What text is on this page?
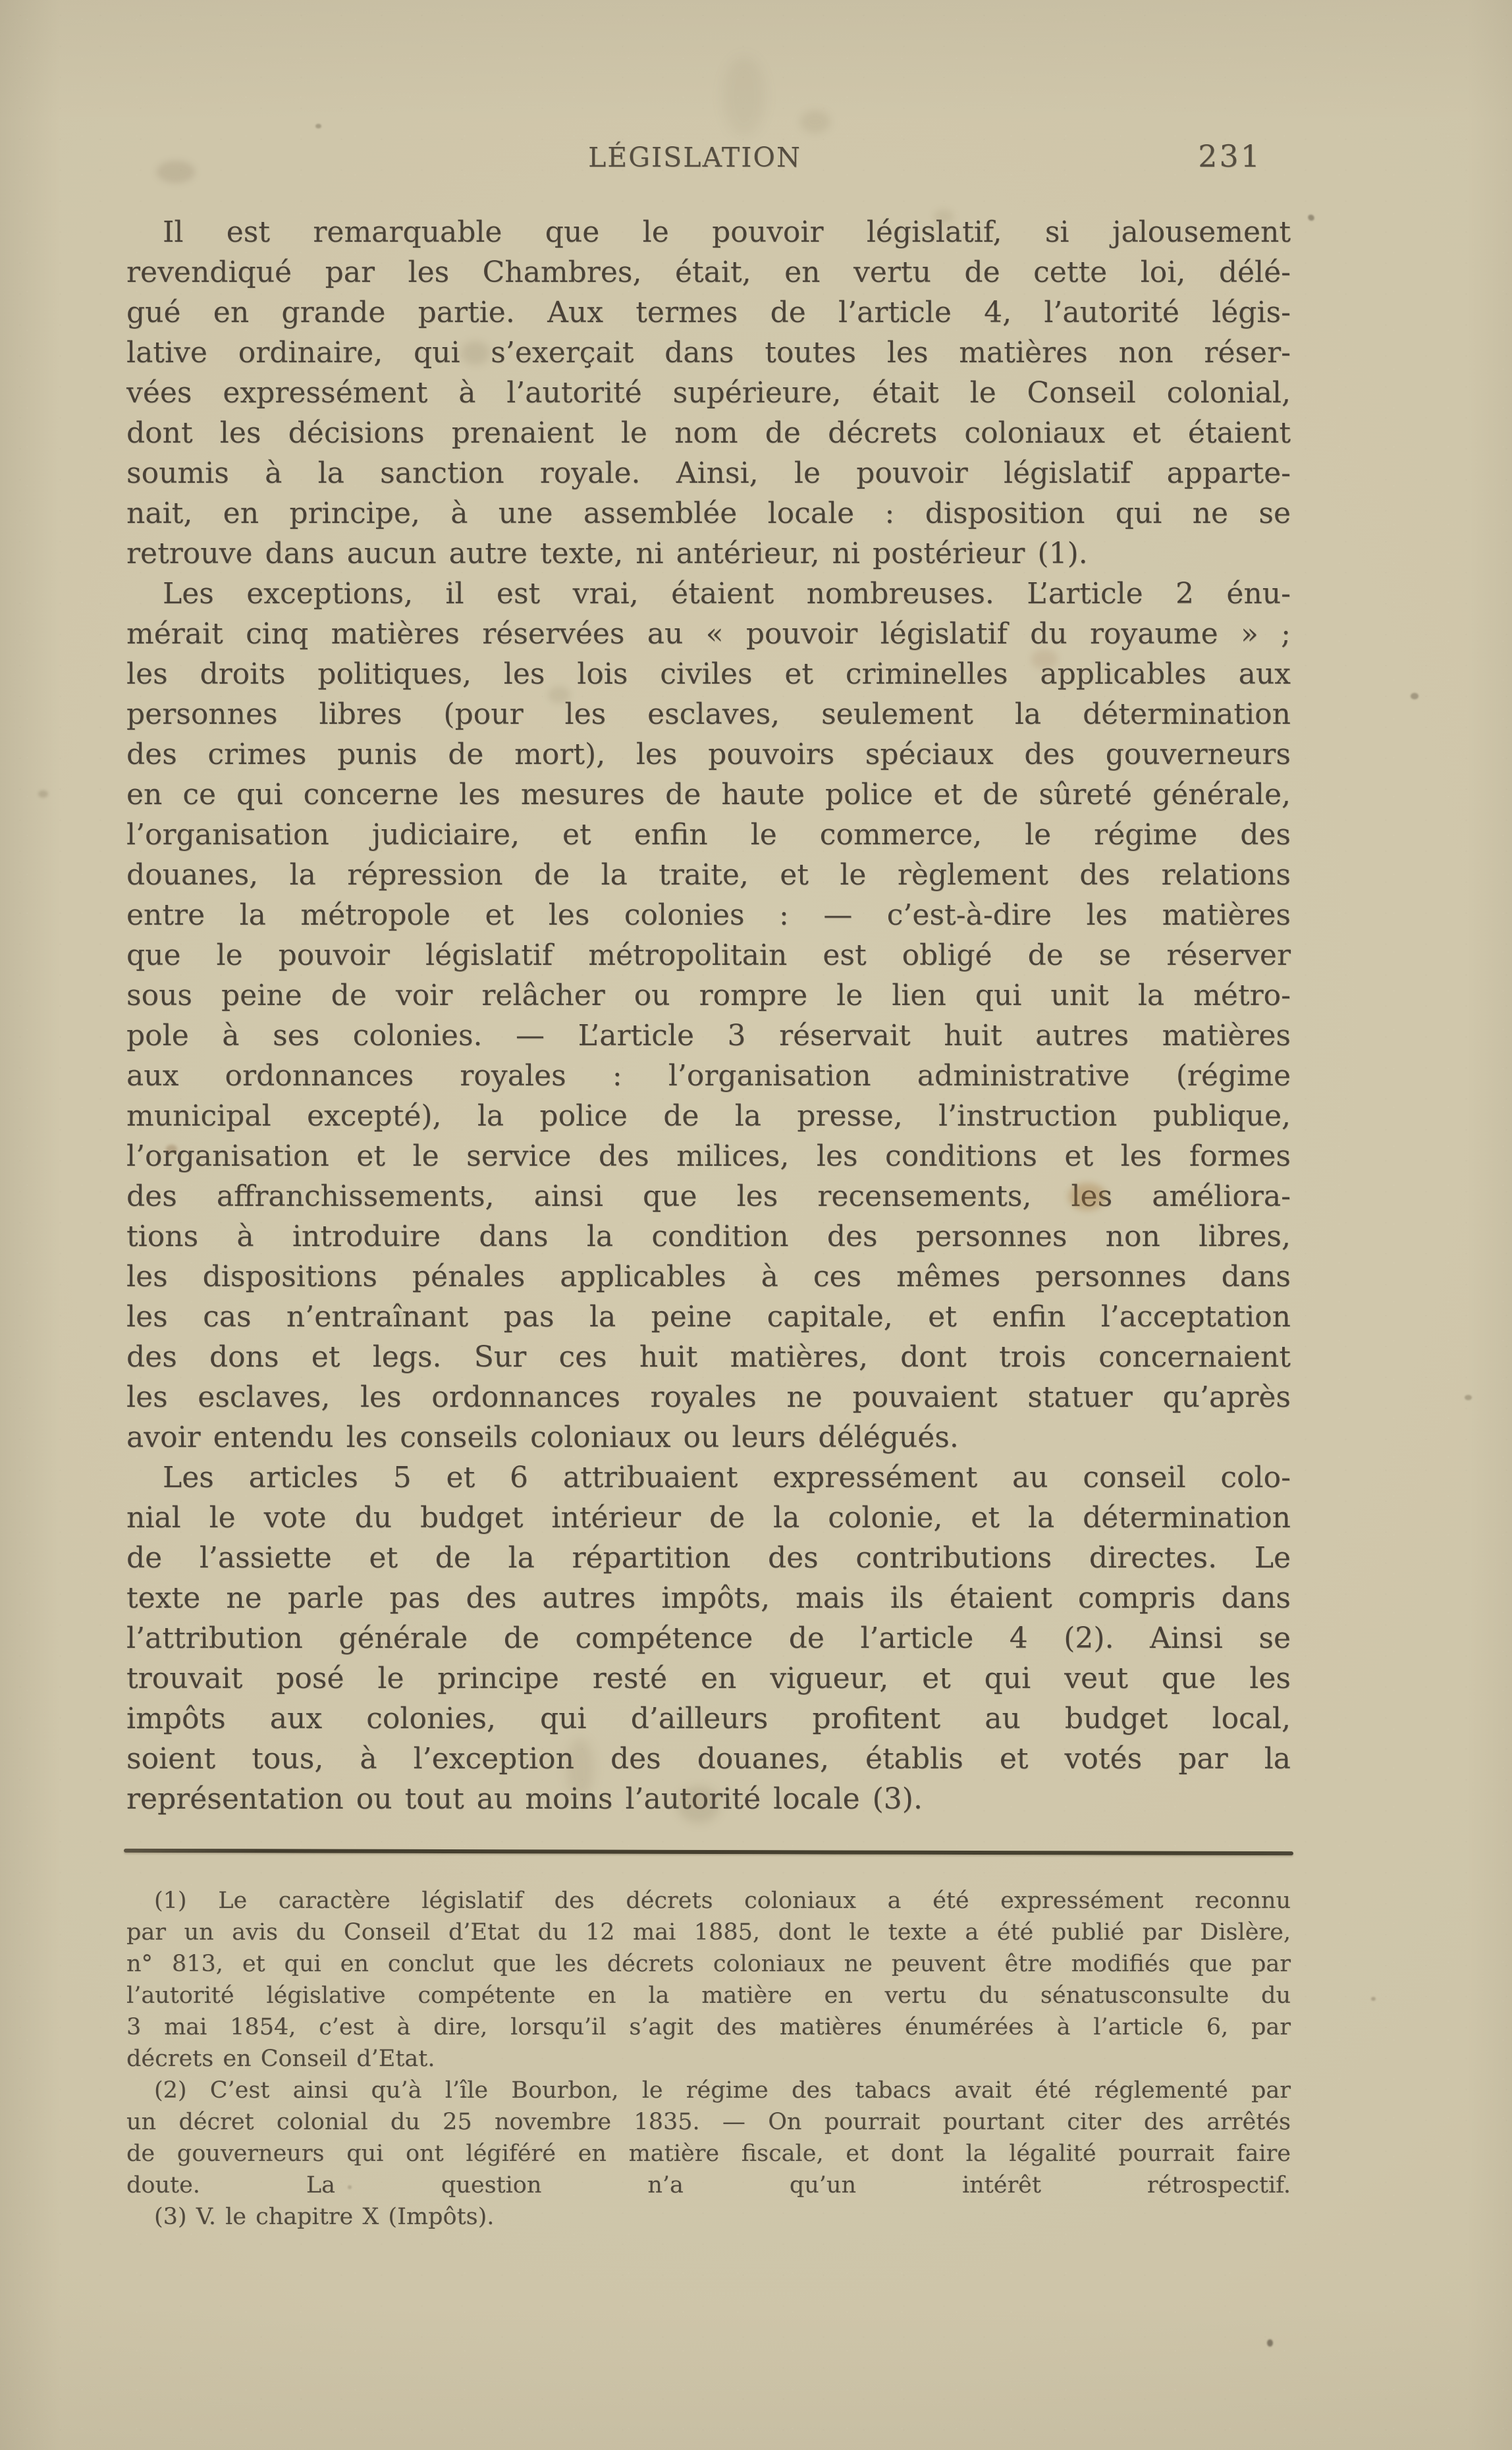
LÉGISLATION	231
Il est remarquable que le pouvoir législatif, si jalousement
revendiqué par les Chambres, était, en vertu de cette loi, délé-
gué en grande partie. Aux termes de l’article 4, l’autorité légis-
lative ordinaire, qui s’exerçait dans toutes les matières non réser-
vées expressément à l’autorité supérieure, était le Conseil colonial,
dont les décisions prenaient le nom de décrets coloniaux et étaient
soumis à la sanction royale. Ainsi, le pouvoir législatif apparte-
nait, en principe, à une assemblée locale : disposition qui ne se
retrouve dans aucun autre texte, ni antérieur, ni postérieur (1).
Les exceptions, il est vrai, étaient nombreuses. L’article 2 énu-
mérait cinq matières réservées au « pouvoir législatif du royaume » ;
les droits politiques, les lois civiles et criminelles applicables aux
personnes libres (pour les esclaves, seulement la détermination
des crimes punis de mort), les pouvoirs spéciaux des gouverneurs
en ce qui concerne les mesures de haute police et de sûreté générale,
l’organisation judiciaire, et enfin le commerce, le régime des
douanes, la répression de la traite, et le règlement des relations
entre la métropole et les colonies : — c’est-à-dire les matières
que le pouvoir législatif métropolitain est obligé de se réserver
sous peine de voir relâcher ou rompre le lien qui unit la métro-
pole à ses colonies. — L’article 3 réservait huit autres matières
aux ordonnances royales : l’organisation administrative (régime
municipal excepté), la police de la presse, l’instruction publique,
l’organisation et le service des milices, les conditions et les formes
des affranchissements, ainsi que les recensements, les améliora-
tions à introduire dans la condition des personnes non libres,
les dispositions pénales applicables à ces mêmes personnes dans
les cas n’entraînant pas la peine capitale, et enfin l’acceptation
des dons et legs. Sur ces huit matières, dont trois concernaient
les esclaves, les ordonnances royales ne pouvaient statuer qu’après
avoir entendu les conseils coloniaux ou leurs délégués.
Les articles 5 et 6 attribuaient expressément au conseil colo-
nial le vote du budget intérieur de la colonie, et la détermination
de l’assiette et de la répartition des contributions directes. Le
texte ne parle pas des autres impôts, mais ils étaient compris dans
l’attribution générale de compétence de l’article 4 (2). Ainsi se
trouvait posé le principe resté en vigueur, et qui veut que les
impôts aux colonies, qui d’ailleurs profitent au budget local,
soient tous, à l’exception des douanes, établis et votés par la
représentation ou tout au moins l’autorité locale (3).
(1) Le caractère législatif des décrets coloniaux a été expressément reconnu
par un avis du Conseil d’Etat du 12 mai 1885, dont le texte a été publié par Dislère,
n° 813, et qui en conclut que les décrets coloniaux ne peuvent être modifiés que par
l’autorité législative compétente en la matière en vertu du sénatusconsulte du
3 mai 1854, c’est à dire, lorsqu’il s’agit des matières énumérées à l’article 6, par
décrets en Conseil d’Etat.
(2) C’est ainsi qu’à l’île Bourbon, le régime des tabacs avait été réglementé par
un décret colonial du 25 novembre 1835. — On pourrait pourtant citer des arrêtés
de gouverneurs qui ont légiféré en matière fiscale, et dont la légalité pourrait faire
doute. La question n’a qu’un intérêt rétrospectif.
(3) V. le chapitre X (Impôts).
